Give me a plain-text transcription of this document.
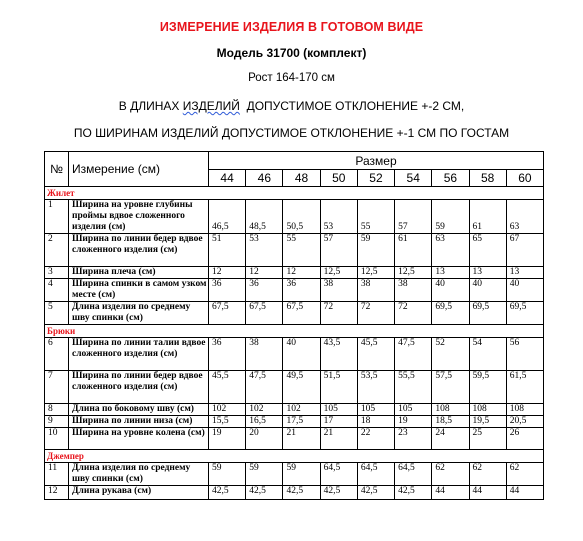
ИЗМЕРЕНИЕ ИЗДЕЛИЯ В ГОТОВОМ ВИДЕ
Модель 31700 (комплект)
Рост 164-170 см
В ДЛИНАХ ИЗДЕЛИЙ  ДОПУСТИМОЕ ОТКЛОНЕНИЕ +-2 СМ,
ПО ШИРИНАМ ИЗДЕЛИЙ ДОПУСТИМОЕ ОТКЛОНЕНИЕ +-1 СМ ПО ГОСТАМ
№	Измерение (см)	Размер								
		44	46	48	50	52	54	56	58	60
Жилет										
1	Ширина на уровне глубины проймы вдвое сложенного изделия (см)	46,5	48,5	50,5	53	55	57	59	61	63
2	Ширина по линии бедер вдвое сложенного изделия (см)	51	53	55	57	59	61	63	65	67
3	Ширина плеча (см)	12	12	12	12,5	12,5	12,5	13	13	13
4	Ширина спинки в самом узком месте (см)	36	36	36	38	38	38	40	40	40
5	Длина изделия по среднему шву спинки (см)	67,5	67,5	67,5	72	72	72	69,5	69,5	69,5
Брюки										
6	Ширина по линии талии вдвое сложенного изделия (см)	36	38	40	43,5	45,5	47,5	52	54	56
7	Ширина по линии бедер вдвое сложенного изделия (см)	45,5	47,5	49,5	51,5	53,5	55,5	57,5	59,5	61,5
8	Длина по боковому шву (см)	102	102	102	105	105	105	108	108	108
9	Ширина по линии низа (см)	15,5	16,5	17,5	17	18	19	18,5	19,5	20,5
10	Ширина на уровне колена (см)	19	20	21	21	22	23	24	25	26
Джемпер										
11	Длина изделия по среднему шву спинки (см)	59	59	59	64,5	64,5	64,5	62	62	62
12	Длина рукава (см)	42,5	42,5	42,5	42,5	42,5	42,5	44	44	44
